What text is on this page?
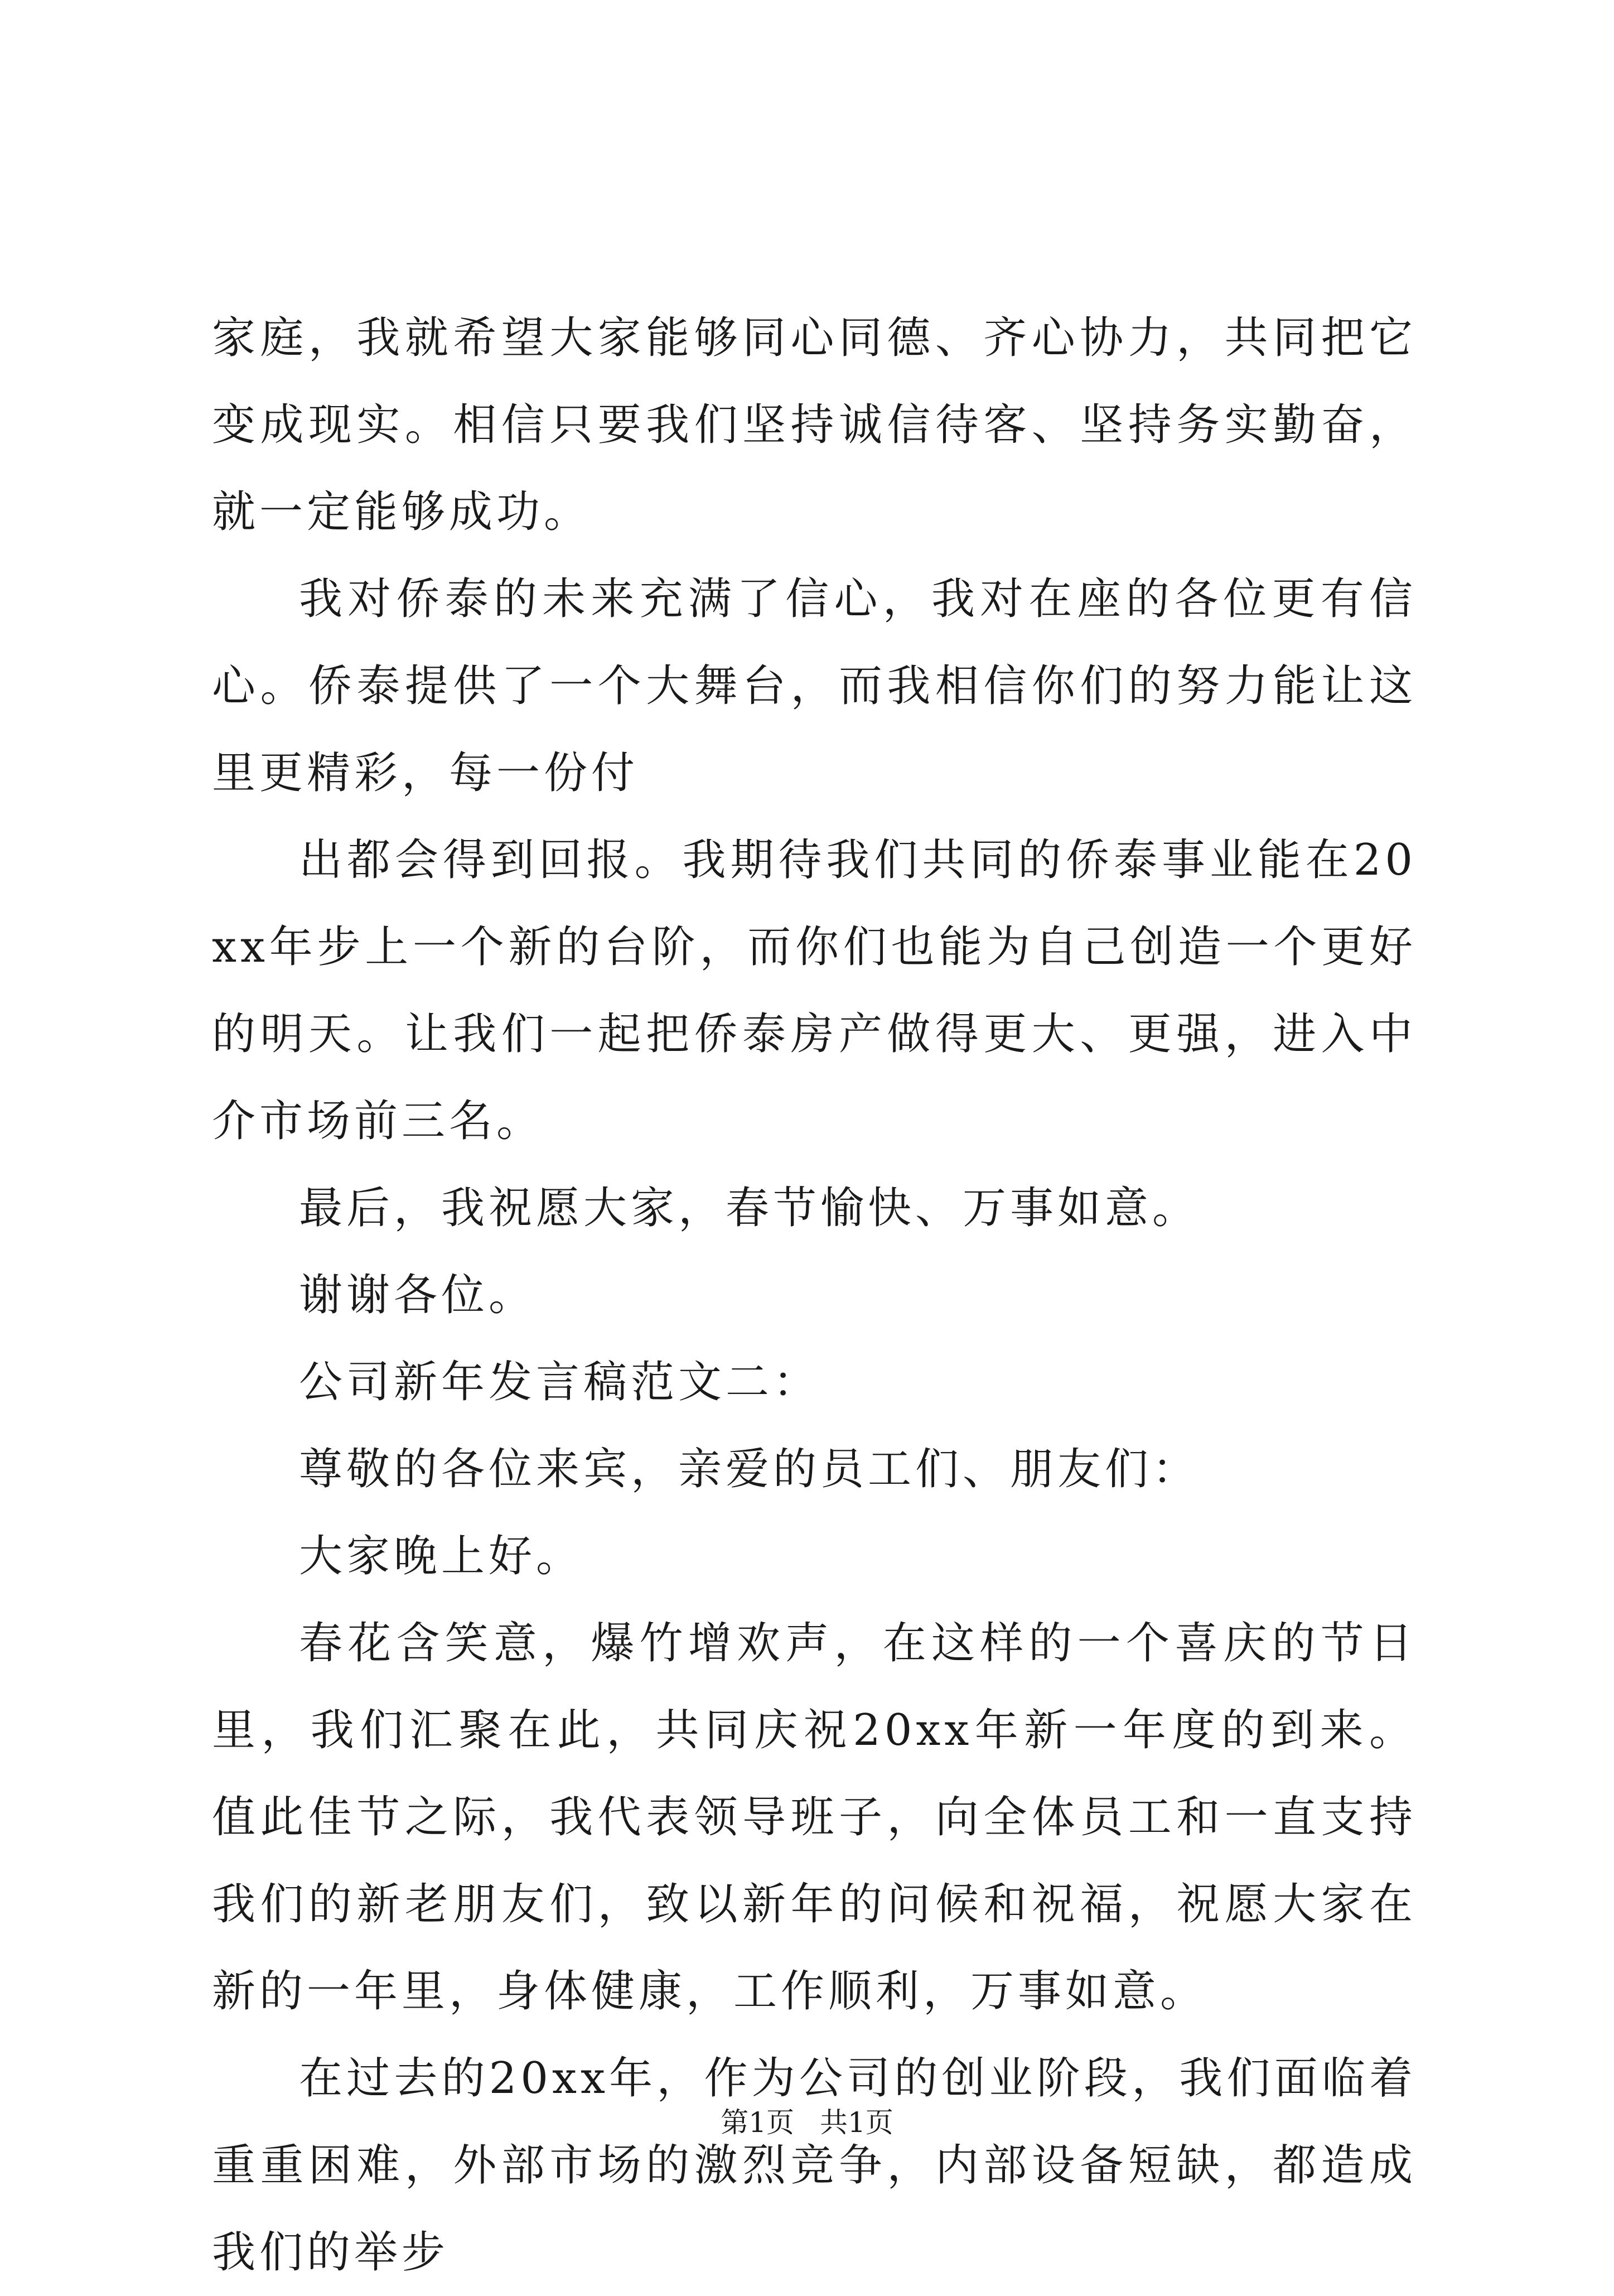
家庭，我就希望大家能够同心同德、齐心协力，共同把它变成现实。相信只要我们坚持诚信待客、坚持务实勤奋，就一定能够成功。

我对侨泰的未来充满了信心，我对在座的各位更有信心。侨泰提供了一个大舞台，而我相信你们的努力能让这里更精彩，每一份付

出都会得到回报。我期待我们共同的侨泰事业能在20xx年步上一个新的台阶，而你们也能为自己创造一个更好的明天。让我们一起把侨泰房产做得更大、更强，进入中介市场前三名。

最后，我祝愿大家，春节愉快、万事如意。

谢谢各位。

公司新年发言稿范文二：

尊敬的各位来宾，亲爱的员工们、朋友们：

大家晚上好。

春花含笑意，爆竹增欢声，在这样的一个喜庆的节日里，我们汇聚在此，共同庆祝20xx年新一年度的到来。值此佳节之际，我代表领导班子，向全体员工和一直支持我们的新老朋友们，致以新年的问候和祝福，祝愿大家在新的一年里，身体健康，工作顺利，万事如意。

在过去的20xx年，作为公司的创业阶段，我们面临着重重困难，外部市场的激烈竞争，内部设备短缺，都造成我们的举步

第1页 共1页
